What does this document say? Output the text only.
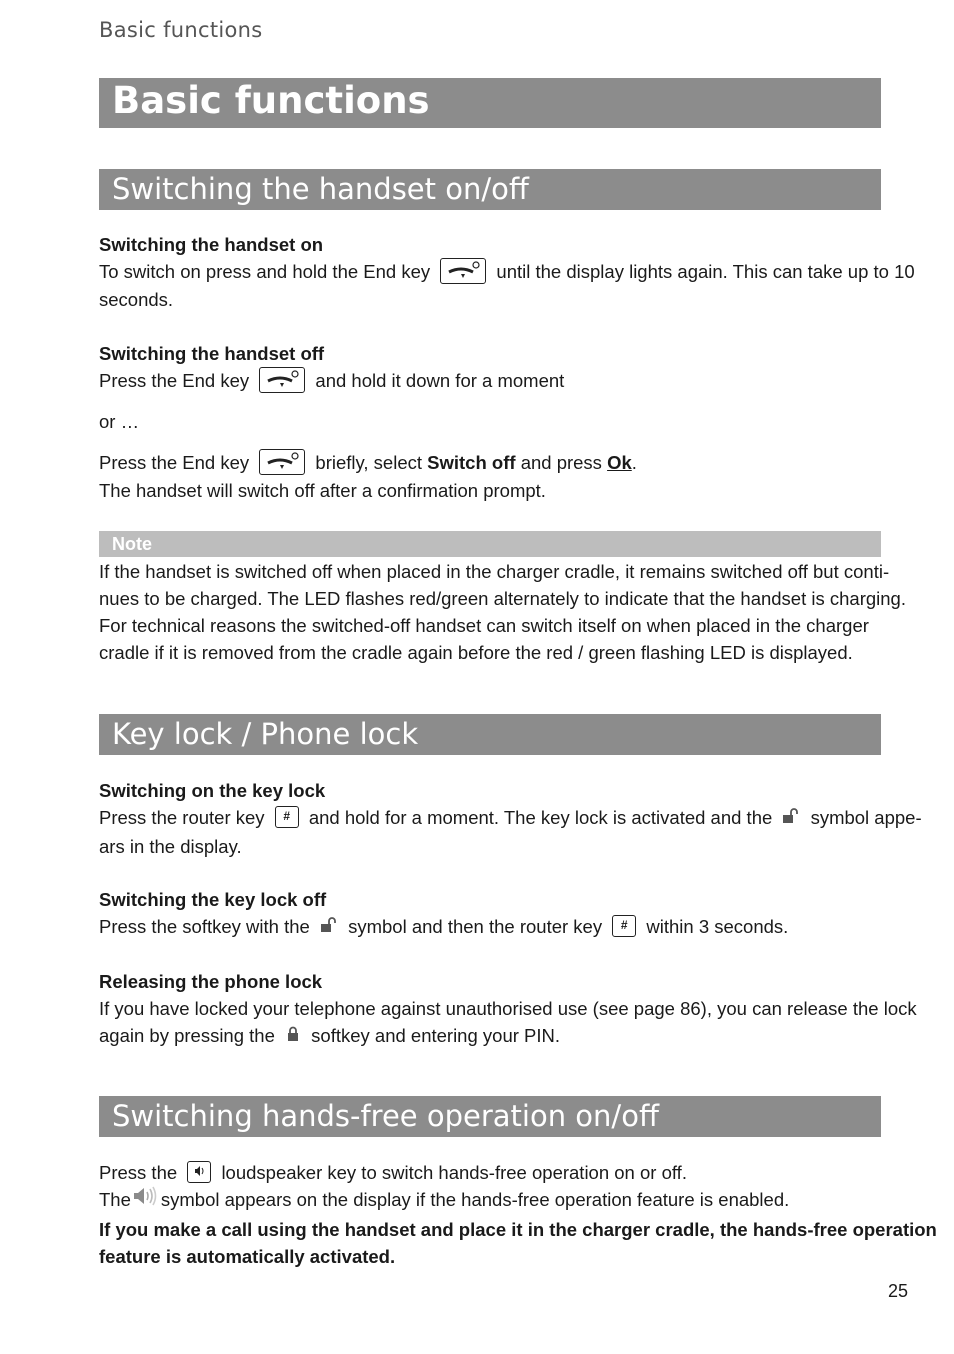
Basic functions
Basic functions
Switching the handset on/off
Switching the handset on
To switch on press and hold the End key	until the display lights again. This can take up to 10
seconds.
Switching the handset off
Press the End key	and hold it down for a moment
or …
Press the End key	briefly, select Switch off and press Ok.
The handset will switch off after a confirmation prompt.
Note
If the handset is switched off when placed in the charger cradle, it remains switched off but conti-
nues to be charged. The LED flashes red/green alternately to indicate that the handset is charging.
For technical reasons the switched-off handset can switch itself on when placed in the charger
cradle if it is removed from the cradle again before the red / green flashing LED is displayed.
Key lock / Phone lock
Switching on the key lock
Press the router key # and hold for a moment. The key lock is activated and the symbol appe-
ars in the display.
Switching the key lock off
Press the softkey with the symbol and then the router key # within 3 seconds.
Releasing the phone lock
If you have locked your telephone against unauthorised use (see page 86), you can release the lock
again by pressing the softkey and entering your PIN.
Switching hands-free operation on/off
Press the loudspeaker key to switch hands-free operation on or off.
The symbol appears on the display if the hands-free operation feature is enabled.
If you make a call using the handset and place it in the charger cradle, the hands-free operation
feature is automatically activated.
25
